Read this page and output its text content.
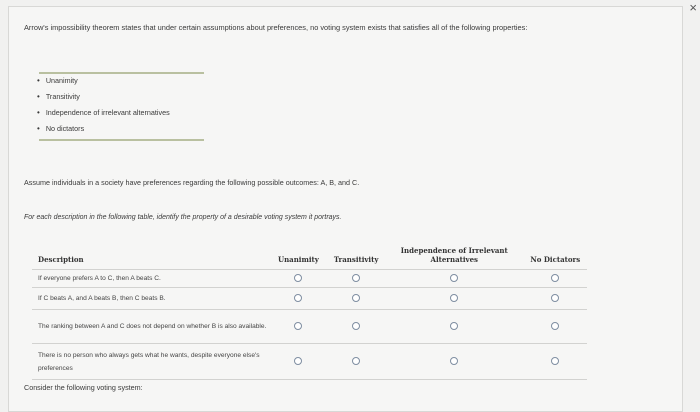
Arrow's impossibility theorem states that under certain assumptions about preferences, no voting system exists that satisfies all of the following properties:
• Unanimity
• Transitivity
• Independence of irrelevant alternatives
• No dictators
Assume individuals in a society have preferences regarding the following possible outcomes: A, B, and C.
For each description in the following table, identify the property of a desirable voting system it portrays.
Description	Unanimity	Transitivity	Independence of Irrelevant Alternatives	No Dictators
If everyone prefers A to C, then A beats C.				
If C beats A, and A beats B, then C beats B.				
The ranking between A and C does not depend on whether B is also available.				
There is no person who always gets what he wants, despite everyone else's preferences				
Consider the following voting system:
×
